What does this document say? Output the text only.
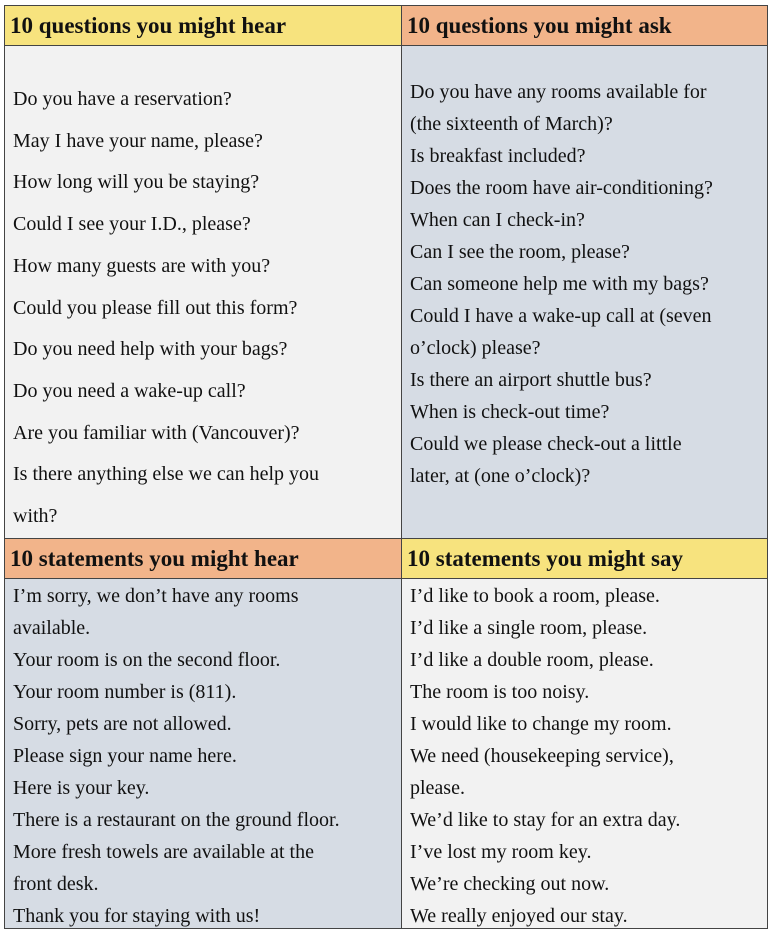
10 questions you might hear	10 questions you might ask
Do you have a reservation?
May I have your name, please?
How long will you be staying?
Could I see your I.D., please?
How many guests are with you?
Could you please fill out this form?
Do you need help with your bags?
Do you need a wake-up call?
Are you familiar with (Vancouver)?
Is there anything else we can help you
with?
Do you have any rooms available for
(the sixteenth of March)?
Is breakfast included?
Does the room have air-conditioning?
When can I check-in?
Can I see the room, please?
Can someone help me with my bags?
Could I have a wake-up call at (seven
o’clock) please?
Is there an airport shuttle bus?
When is check-out time?
Could we please check-out a little
later, at (one o’clock)?
10 statements you might hear	10 statements you might say
I’m sorry, we don’t have any rooms
available.
Your room is on the second floor.
Your room number is (811).
Sorry, pets are not allowed.
Please sign your name here.
Here is your key.
There is a restaurant on the ground floor.
More fresh towels are available at the
front desk.
Thank you for staying with us!
I’d like to book a room, please.
I’d like a single room, please.
I’d like a double room, please.
The room is too noisy.
I would like to change my room.
We need (housekeeping service),
please.
We’d like to stay for an extra day.
I’ve lost my room key.
We’re checking out now.
We really enjoyed our stay.
